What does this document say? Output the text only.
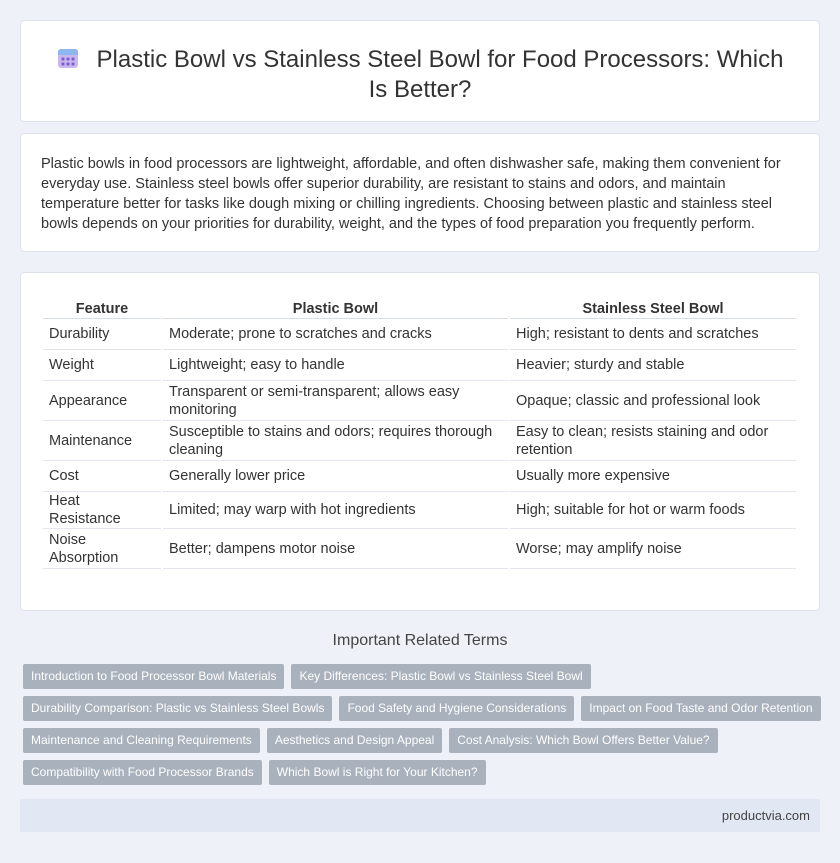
Plastic Bowl vs Stainless Steel Bowl for Food Processors: Which Is Better?

Plastic bowls in food processors are lightweight, affordable, and often dishwasher safe, making them convenient for everyday use. Stainless steel bowls offer superior durability, are resistant to stains and odors, and maintain temperature better for tasks like dough mixing or chilling ingredients. Choosing between plastic and stainless steel bowls depends on your priorities for durability, weight, and the types of food preparation you frequently perform.

Feature	Plastic Bowl	Stainless Steel Bowl
Durability	Moderate; prone to scratches and cracks	High; resistant to dents and scratches
Weight	Lightweight; easy to handle	Heavier; sturdy and stable
Appearance	Transparent or semi-transparent; allows easy monitoring	Opaque; classic and professional look
Maintenance	Susceptible to stains and odors; requires thorough cleaning	Easy to clean; resists staining and odor retention
Cost	Generally lower price	Usually more expensive
Heat Resistance	Limited; may warp with hot ingredients	High; suitable for hot or warm foods
Noise Absorption	Better; dampens motor noise	Worse; may amplify noise
Important Related Terms
Introduction to Food Processor Bowl Materials	Key Differences: Plastic Bowl vs Stainless Steel Bowl
Durability Comparison: Plastic vs Stainless Steel Bowls	Food Safety and Hygiene Considerations	Impact on Food Taste and Odor Retention
Maintenance and Cleaning Requirements	Aesthetics and Design Appeal	Cost Analysis: Which Bowl Offers Better Value?
Compatibility with Food Processor Brands	Which Bowl is Right for Your Kitchen?
productvia.com
